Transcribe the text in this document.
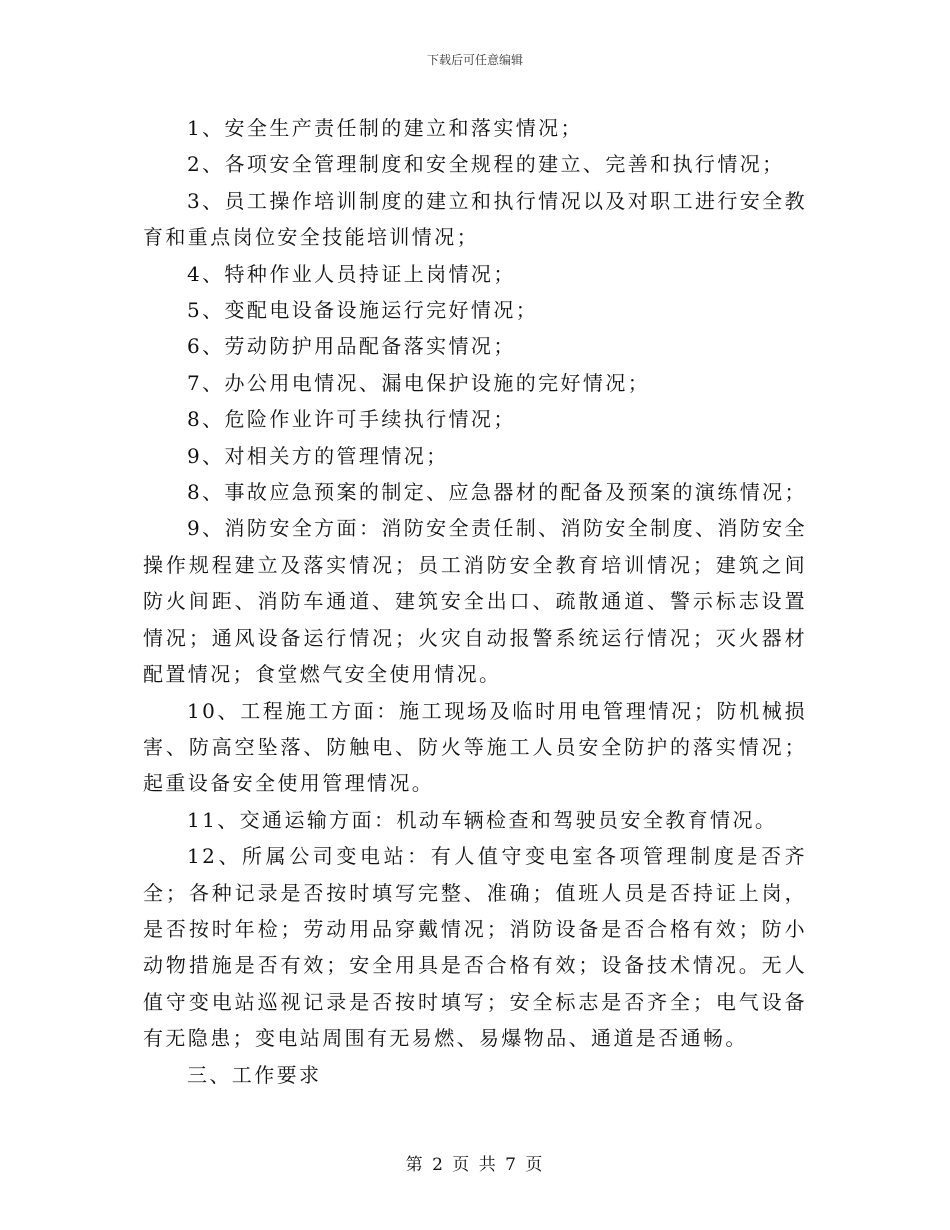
下载后可任意编辑

1、安全生产责任制的建立和落实情况；

2、各项安全管理制度和安全规程的建立、完善和执行情况；

3、员工操作培训制度的建立和执行情况以及对职工进行安全教育和重点岗位安全技能培训情况；

4、特种作业人员持证上岗情况；

5、变配电设备设施运行完好情况；

6、劳动防护用品配备落实情况；

7、办公用电情况、漏电保护设施的完好情况；

8、危险作业许可手续执行情况；

9、对相关方的管理情况；

8、事故应急预案的制定、应急器材的配备及预案的演练情况；

9、消防安全方面：消防安全责任制、消防安全制度、消防安全操作规程建立及落实情况；员工消防安全教育培训情况；建筑之间防火间距、消防车通道、建筑安全出口、疏散通道、警示标志设置情况；通风设备运行情况；火灾自动报警系统运行情况；灭火器材配置情况；食堂燃气安全使用情况。

10、工程施工方面：施工现场及临时用电管理情况；防机械损害、防高空坠落、防触电、防火等施工人员安全防护的落实情况；起重设备安全使用管理情况。

11、交通运输方面：机动车辆检查和驾驶员安全教育情况。

12、所属公司变电站：有人值守变电室各项管理制度是否齐全；各种记录是否按时填写完整、准确；值班人员是否持证上岗，是否按时年检；劳动用品穿戴情况；消防设备是否合格有效；防小动物措施是否有效；安全用具是否合格有效；设备技术情况。无人值守变电站巡视记录是否按时填写；安全标志是否齐全；电气设备有无隐患；变电站周围有无易燃、易爆物品、通道是否通畅。

三、工作要求

第 2 页 共 7 页
